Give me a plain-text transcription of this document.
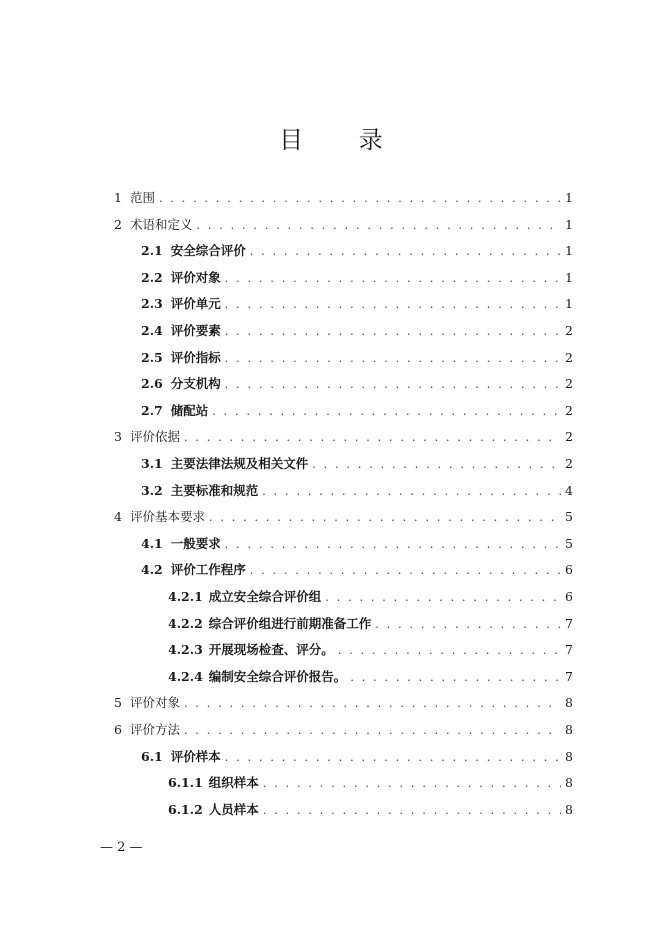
目 录
1 范围 . . .	1
2 术语和定义 . . .	1
2.1 安全综合评价 . . .	1
2.2 评价对象 . . .	1
2.3 评价单元 . . .	1
2.4 评价要素 . . .	2
2.5 评价指标 . . .	2
2.6 分支机构 . . .	2
2.7 储配站 . . .	2
3 评价依据 . . .	2
3.1 主要法律法规及相关文件 . . .	2
3.2 主要标准和规范 . . .	4
4 评价基本要求 . . .	5
4.1 一般要求 . . .	5
4.2 评价工作程序 . . .	6
4.2.1 成立安全综合评价组 . . .	6
4.2.2 综合评价组进行前期准备工作 . . .	7
4.2.3 开展现场检查、评分。 . . .	7
4.2.4 编制安全综合评价报告。 . . .	7
5 评价对象 . . .	8
6 评价方法 . . .	8
6.1 评价样本 . . .	8
6.1.1 组织样本 . . .	8
6.1.2 人员样本 . . .	8
— 2 —
